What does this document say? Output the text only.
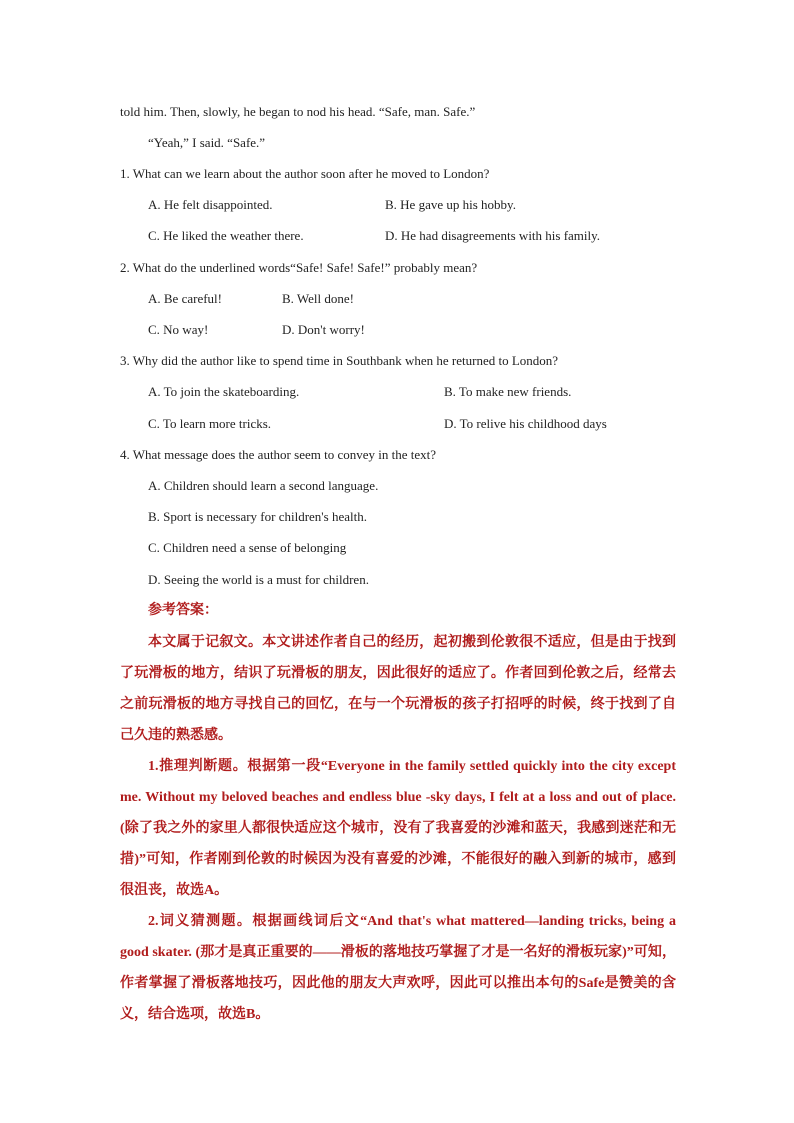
told him. Then, slowly, he began to nod his head. “Safe, man. Safe.”
“Yeah,” I said. “Safe.”
1. What can we learn about the author soon after he moved to London?
A. He felt disappointed.	B. He gave up his hobby.
C. He liked the weather there.	D. He had disagreements with his family.
2. What do the underlined words“Safe! Safe! Safe!” probably mean?
A. Be careful!	B. Well done!
C. No way!	D. Don't worry!
3. Why did the author like to spend time in Southbank when he returned to London?
A. To join the skateboarding.	B. To make new friends.
C. To learn more tricks.	D. To relive his childhood days
4. What message does the author seem to convey in the text?
A. Children should learn a second language.
B. Sport is necessary for children's health.
C. Children need a sense of belonging
D. Seeing the world is a must for children.
参考答案：
本文属于记叙文。本文讲述作者自己的经历，起初搬到伦敦很不适应，但是由于找到了玩滑板的地方，结识了玩滑板的朋友，因此很好的适应了。作者回到伦敦之后，经常去之前玩滑板的地方寻找自己的回忆，在与一个玩滑板的孩子打招呼的时候，终于找到了自己久违的熟悉感。
1.推理判断题。根据第一段“Everyone in the family settled quickly into the city except me. Without my beloved beaches and endless blue -sky days, I felt at a loss and out of place.(除了我之外的家里人都很快适应这个城市，没有了我喜爱的沙滩和蓝天，我感到迷茫和无措)”可知，作者刚到伦敦的时候因为没有喜爱的沙滩，不能很好的融入到新的城市，感到很沮丧，故选A。
2.词义猜测题。根据画线词后文“And that's what mattered—landing tricks, being a good skater. (那才是真正重要的——滑板的落地技巧掌握了才是一名好的滑板玩家)”可知，作者掌握了滑板落地技巧，因此他的朋友大声欢呼，因此可以推出本句的Safe是赞美的含义，结合选项，故选B。
